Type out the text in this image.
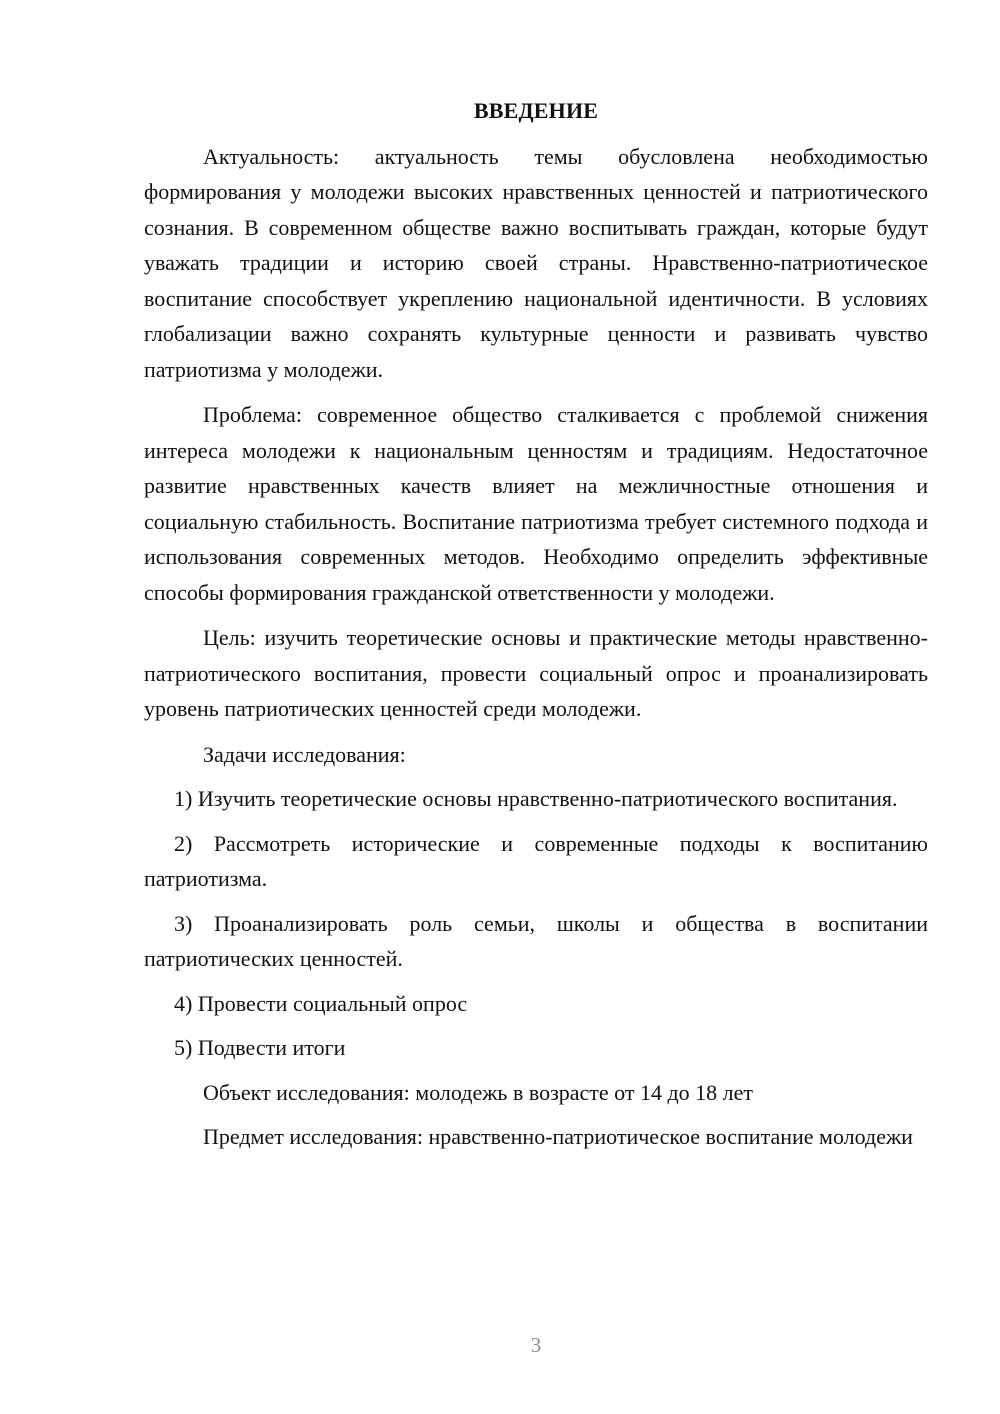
ВВЕДЕНИЕ

Актуальность: актуальность темы обусловлена необходимостью формирования у молодежи высоких нравственных ценностей и патриотического сознания. В современном обществе важно воспитывать граждан, которые будут уважать традиции и историю своей страны. Нравственно-патриотическое воспитание способствует укреплению национальной идентичности. В условиях глобализации важно сохранять культурные ценности и развивать чувство патриотизма у молодежи.

Проблема: современное общество сталкивается с проблемой снижения интереса молодежи к национальным ценностям и традициям. Недостаточное развитие нравственных качеств влияет на межличностные отношения и социальную стабильность. Воспитание патриотизма требует системного подхода и использования современных методов. Необходимо определить эффективные способы формирования гражданской ответственности у молодежи.

Цель: изучить теоретические основы и практические методы нравственно-патриотического воспитания, провести социальный опрос и проанализировать уровень патриотических ценностей среди молодежи.

Задачи исследования:

1) Изучить теоретические основы нравственно-патриотического воспитания.

2) Рассмотреть исторические и современные подходы к воспитанию патриотизма.

3) Проанализировать роль семьи, школы и общества в воспитании патриотических ценностей.

4) Провести социальный опрос

5) Подвести итоги

Объект исследования: молодежь в возрасте от 14 до 18 лет

Предмет исследования: нравственно-патриотическое воспитание молодежи

3
